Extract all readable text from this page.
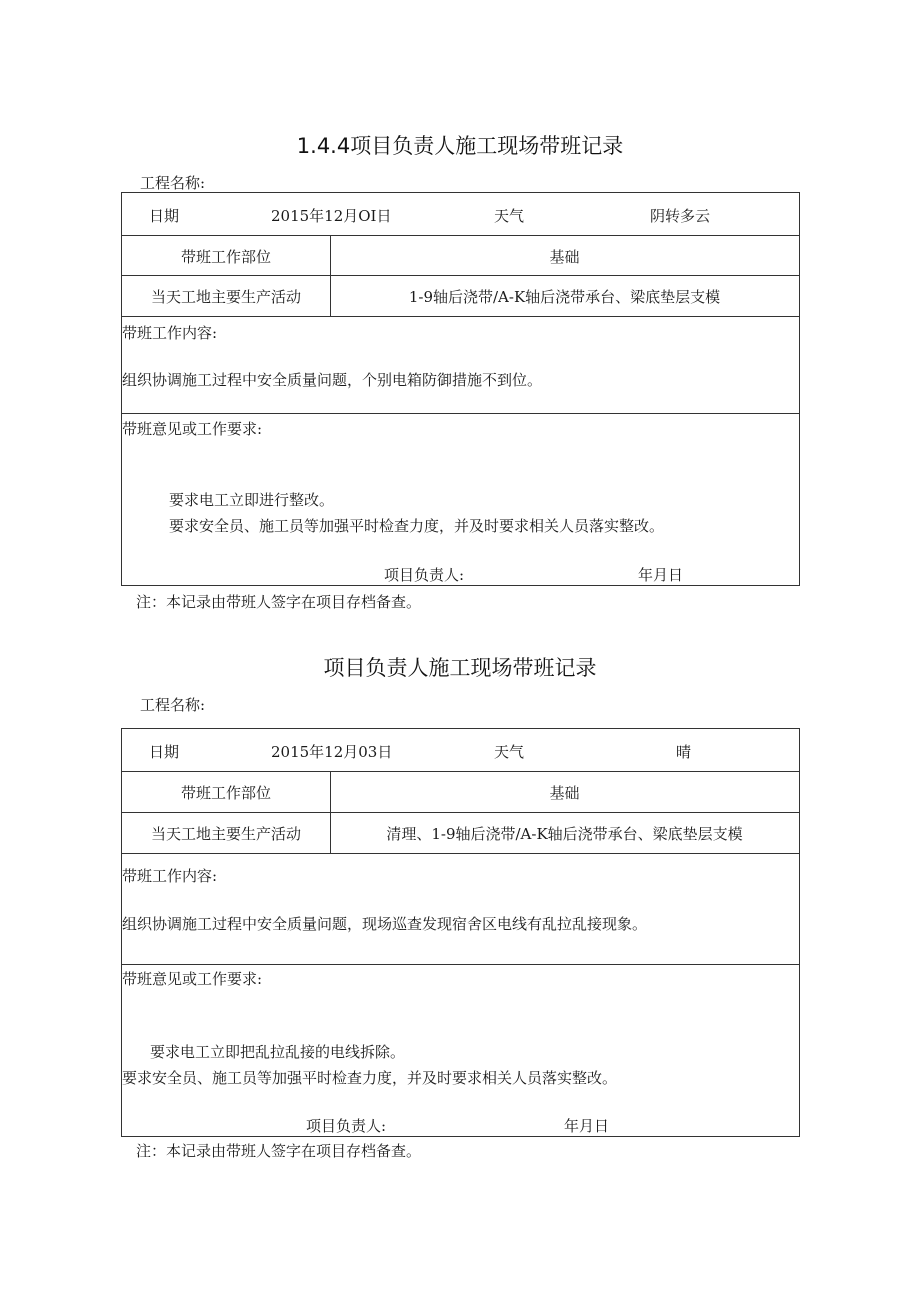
1.4.4项目负责人施工现场带班记录
工程名称:
日期	2015年12月OI日	天气	阴转多云
带班工作部位	基础
当天工地主要生产活动	1-9轴后浇带/A-K轴后浇带承台、梁底垫层支模
带班工作内容:
组织协调施工过程中安全质量问题，个别电箱防御措施不到位。
带班意见或工作要求:
要求电工立即进行整改。
要求安全员、施工员等加强平时检查力度，并及时要求相关人员落实整改。
项目负责人:	年月日
注：本记录由带班人签字在项目存档备查。
项目负责人施工现场带班记录
工程名称:
日期	2015年12月03日	天气	晴
带班工作部位	基础
当天工地主要生产活动	清理、1-9轴后浇带/A-K轴后浇带承台、梁底垫层支模
带班工作内容:
组织协调施工过程中安全质量问题，现场巡查发现宿舍区电线有乱拉乱接现象。
带班意见或工作要求:
要求电工立即把乱拉乱接的电线拆除。
要求安全员、施工员等加强平时检查力度，并及时要求相关人员落实整改。
项目负责人:	年月日
注：本记录由带班人签字在项目存档备查。
